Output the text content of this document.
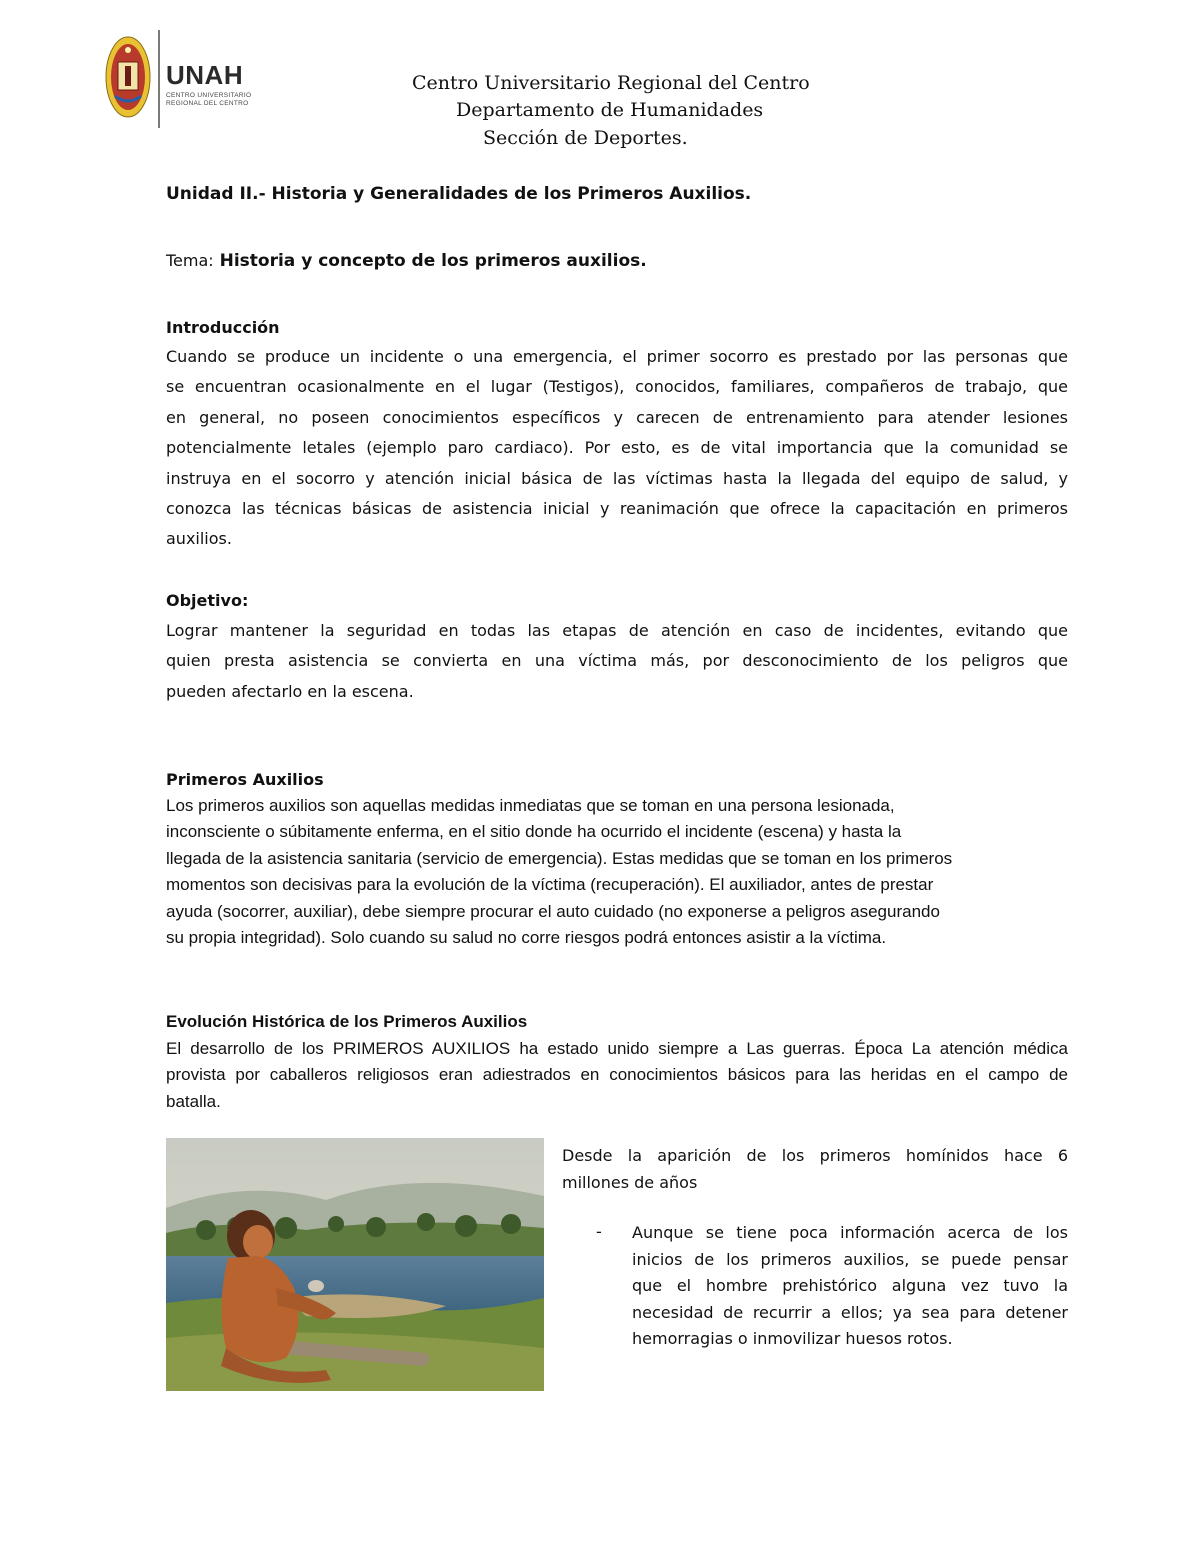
UNAH
CENTRO UNIVERSITARIO REGIONAL DEL CENTRO
Centro Universitario Regional del Centro
Departamento de Humanidades
Sección de Deportes.
Unidad II.- Historia y Generalidades de los Primeros Auxilios.
Tema: Historia y concepto de los primeros auxilios.
Introducción
Cuando se produce un incidente o una emergencia, el primer socorro es prestado por las personas que
se encuentran ocasionalmente en el lugar (Testigos), conocidos, familiares, compañeros de trabajo, que
en general, no poseen conocimientos específicos y carecen de entrenamiento para atender lesiones
potencialmente letales (ejemplo paro cardiaco). Por esto, es de vital importancia que la comunidad se
instruya en el socorro y atención inicial básica de las víctimas hasta la llegada del equipo de salud, y
conozca las técnicas básicas de asistencia inicial y reanimación que ofrece la capacitación en primeros
auxilios.
Objetivo:
Lograr mantener la seguridad en todas las etapas de atención en caso de incidentes, evitando que
quien presta asistencia se convierta en una víctima más, por desconocimiento de los peligros que
pueden afectarlo en la escena.
Primeros Auxilios
Los primeros auxilios son aquellas medidas inmediatas que se toman en una persona lesionada,
inconsciente o súbitamente enferma, en el sitio donde ha ocurrido el incidente (escena) y hasta la
llegada de la asistencia sanitaria (servicio de emergencia). Estas medidas que se toman en los primeros
momentos son decisivas para la evolución de la víctima (recuperación). El auxiliador, antes de prestar
ayuda (socorrer, auxiliar), debe siempre procurar el auto cuidado (no exponerse a peligros asegurando
su propia integridad). Solo cuando su salud no corre riesgos podrá entonces asistir a la víctima.
Evolución Histórica de los Primeros Auxilios
El desarrollo de los PRIMEROS AUXILIOS ha estado unido siempre a Las guerras. Época La atención médica
provista por caballeros religiosos eran adiestrados en conocimientos básicos para las heridas en el campo de
batalla.
Desde la aparición de los primeros homínidos hace 6
millones de años
- Aunque se tiene poca información acerca de los
inicios de los primeros auxilios, se puede pensar
que el hombre prehistórico alguna vez tuvo la
necesidad de recurrir a ellos; ya sea para detener
hemorragias o inmovilizar huesos rotos.
